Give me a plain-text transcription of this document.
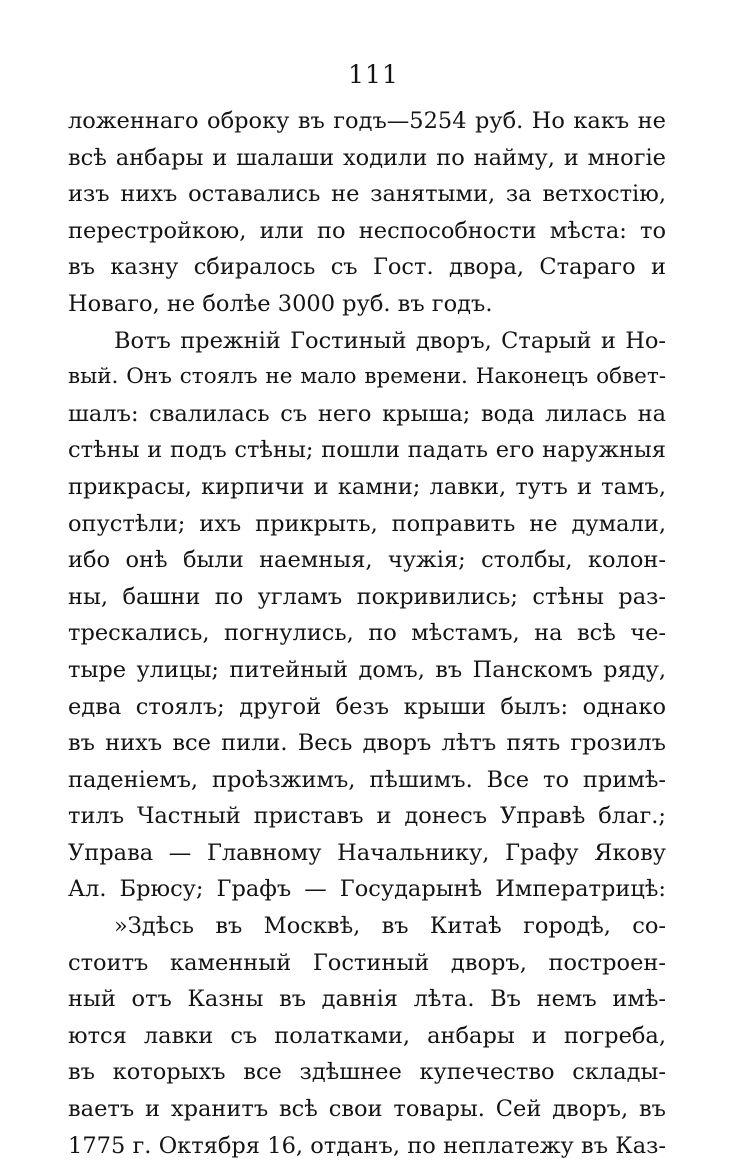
111
ложеннаго оброку въ годъ—5254 руб. Но какъ не
всѣ анбары и шалаши ходили по найму, и многіе
изъ нихъ оставались не занятыми, за ветхостію,
перестройкою, или по неспособности мѣста: то
въ казну сбиралось съ Гост. двора, Стараго и
Новаго, не болѣе 3000 руб. въ годъ.
Вотъ прежній Гостиный дворъ, Старый и Но-
вый. Онъ стоялъ не мало времени. Наконецъ обвет-
шалъ: свалилась съ него крыша; вода лилась на
стѣны и подъ стѣны; пошли падать его наружныя
прикрасы, кирпичи и камни; лавки, тутъ и тамъ,
опустѣли; ихъ прикрыть, поправить не думали,
ибо онѣ были наемныя, чужія; столбы, колон-
ны, башни по угламъ покривились; стѣны раз-
трескались, погнулись, по мѣстамъ, на всѣ че-
тыре улицы; питейный домъ, въ Панскомъ ряду,
едва стоялъ; другой безъ крыши былъ: однако
въ нихъ все пили. Весь дворъ лѣтъ пять грозилъ
паденіемъ, проѣзжимъ, пѣшимъ. Все то примѣ-
тилъ Частный приставъ и донесъ Управѣ благ.;
Управа — Главному Начальнику, Графу Якову
Ал. Брюсу; Графъ — Государынѣ Императрицѣ:
»Здѣсь въ Москвѣ, въ Китаѣ городѣ, со-
стоитъ каменный Гостиный дворъ, построен-
ный отъ Казны въ давнія лѣта. Въ немъ имѣ-
ются лавки съ полатками, анбары и погреба,
въ которыхъ все здѣшнее купечество склады-
ваетъ и хранитъ всѣ свои товары. Сей дворъ, въ
1775 г. Октября 16, отданъ, по неплатежу въ Каз-
